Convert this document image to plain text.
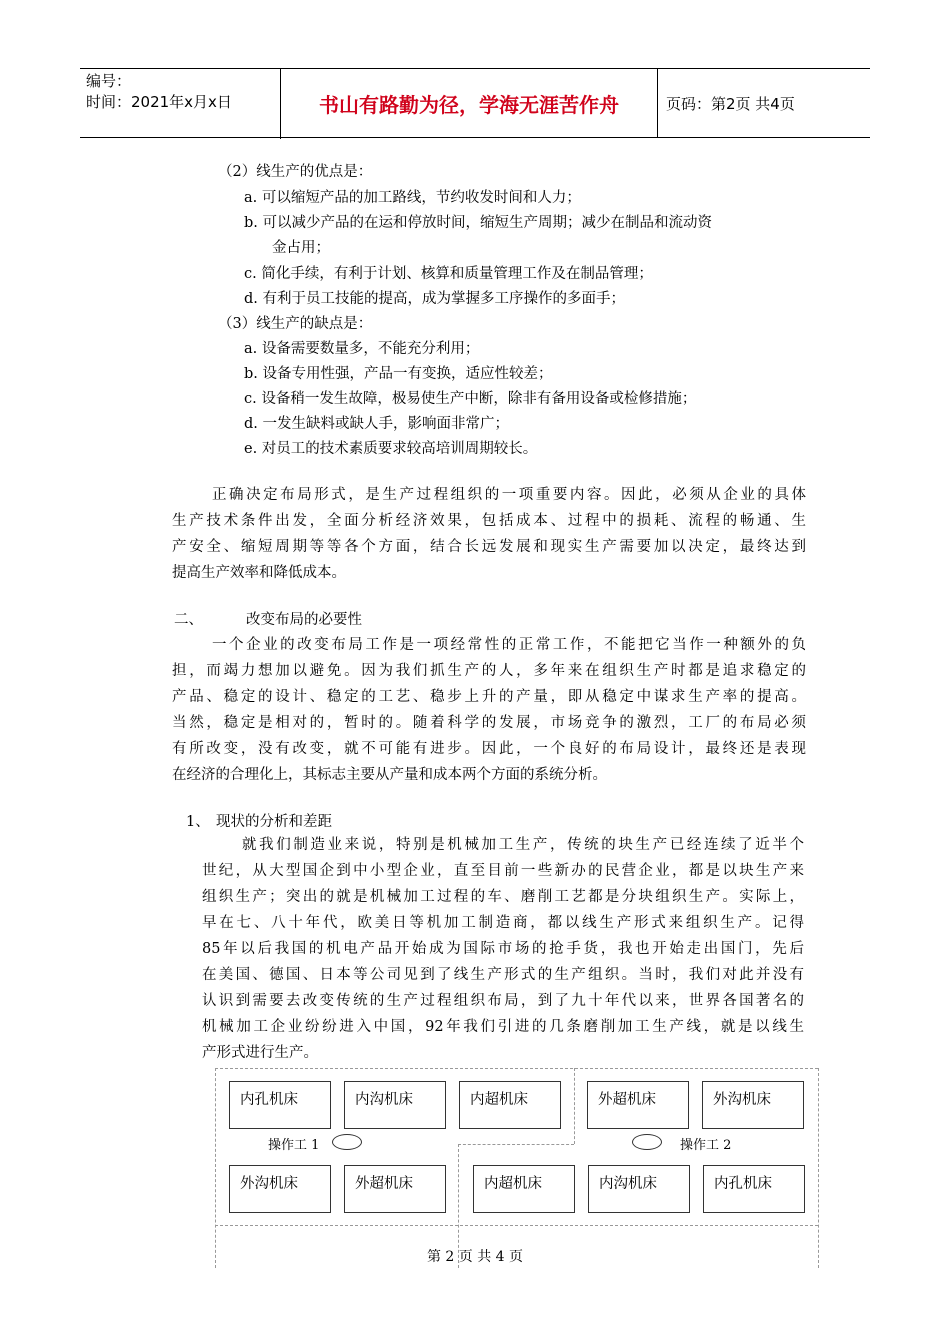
编号：
时间：2021年x月x日	书山有路勤为径，学海无涯苦作舟	页码：第2页 共4页
（2）线生产的优点是：
a. 可以缩短产品的加工路线，节约收发时间和人力；
b. 可以减少产品的在运和停放时间，缩短生产周期；减少在制品和流动资
金占用；
c. 简化手续，有利于计划、核算和质量管理工作及在制品管理；
d. 有利于员工技能的提高，成为掌握多工序操作的多面手；
（3）线生产的缺点是：
a. 设备需要数量多，不能充分利用；
b. 设备专用性强，产品一有变换，适应性较差；
c. 设备稍一发生故障，极易使生产中断，除非有备用设备或检修措施；
d. 一发生缺料或缺人手，影响面非常广；
e. 对员工的技术素质要求较高培训周期较长。
正确决定布局形式，是生产过程组织的一项重要内容。因此，必须从企业的具体
生产技术条件出发，全面分析经济效果，包括成本、过程中的损耗、流程的畅通、生
产安全、缩短周期等等各个方面，结合长远发展和现实生产需要加以决定，最终达到
提高生产效率和降低成本。
二、	改变布局的必要性
一个企业的改变布局工作是一项经常性的正常工作，不能把它当作一种额外的负
担，而竭力想加以避免。因为我们抓生产的人，多年来在组织生产时都是追求稳定的
产品、稳定的设计、稳定的工艺、稳步上升的产量，即从稳定中谋求生产率的提高。
当然，稳定是相对的，暂时的。随着科学的发展，市场竞争的激烈，工厂的布局必须
有所改变，没有改变，就不可能有进步。因此，一个良好的布局设计，最终还是表现
在经济的合理化上，其标志主要从产量和成本两个方面的系统分析。
1、 现状的分析和差距
就我们制造业来说，特别是机械加工生产，传统的块生产已经连续了近半个
世纪，从大型国企到中小型企业，直至目前一些新办的民营企业，都是以块生产来
组织生产；突出的就是机械加工过程的车、磨削工艺都是分块组织生产。实际上，
早在七、八十年代，欧美日等机加工制造商，都以线生产形式来组织生产。记得
85年以后我国的机电产品开始成为国际市场的抢手货，我也开始走出国门，先后
在美国、德国、日本等公司见到了线生产形式的生产组织。当时，我们对此并没有
认识到需要去改变传统的生产过程组织布局，到了九十年代以来，世界各国著名的
机械加工企业纷纷进入中国，92年我们引进的几条磨削加工生产线，就是以线生
产形式进行生产。
内孔机床	内沟机床	内超机床	外超机床	外沟机床
操作工 1	操作工 2
外沟机床	外超机床	内超机床	内沟机床	内孔机床
第 2 页 共 4 页
